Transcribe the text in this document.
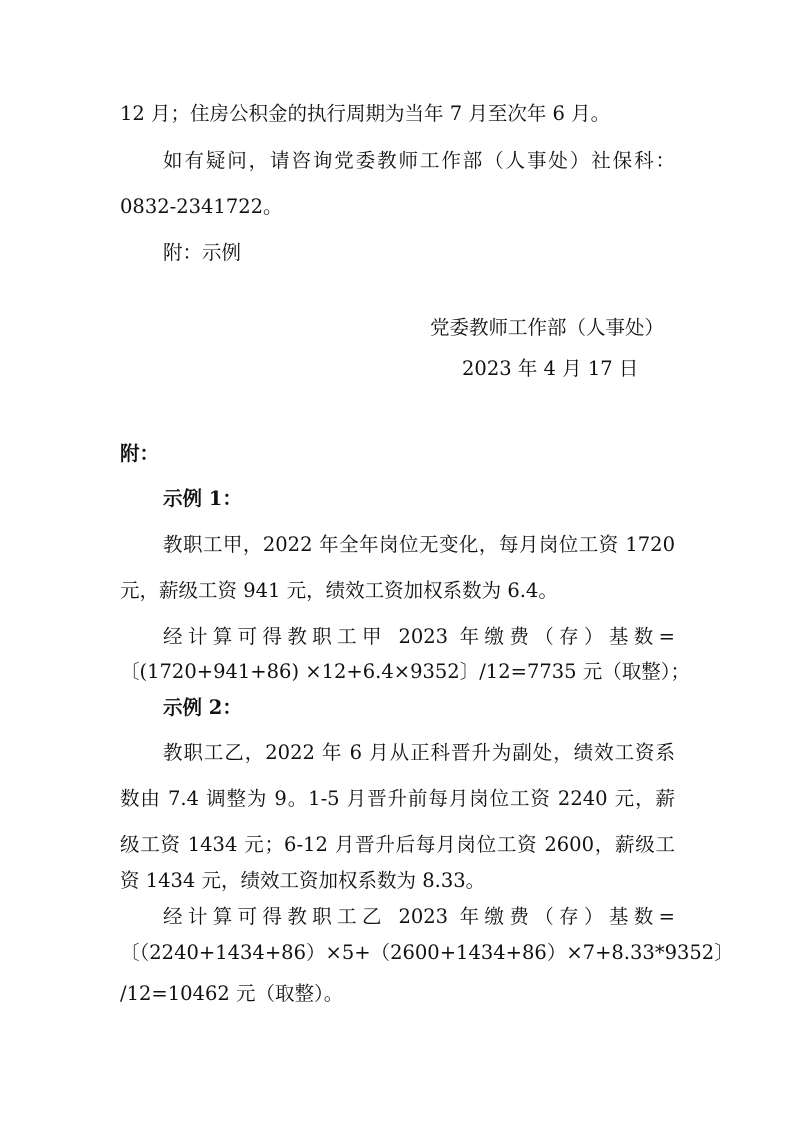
12 月；住房公积金的执行周期为当年 7 月至次年 6 月。
如有疑问，请咨询党委教师工作部（人事处）社保科：
0832-2341722。
附：示例
党委教师工作部（人事处）
2023 年 4 月 17 日
附：
示例 1：
教职工甲，2022 年全年岗位无变化，每月岗位工资 1720
元，薪级工资 941 元，绩效工资加权系数为 6.4。
经计算可得教职工甲 2023 年缴费（存）基数=
〔(1720+941+86) ×12+6.4×9352〕/12=7735 元（取整）；
示例 2：
教职工乙，2022 年 6 月从正科晋升为副处，绩效工资系
数由 7.4 调整为 9。1-5 月晋升前每月岗位工资 2240 元，薪
级工资 1434 元；6-12 月晋升后每月岗位工资 2600，薪级工
资 1434 元，绩效工资加权系数为 8.33。
经计算可得教职工乙 2023 年缴费（存）基数=
〔（2240+1434+86）×5+（2600+1434+86）×7+8.33*9352〕
/12=10462 元（取整）。
